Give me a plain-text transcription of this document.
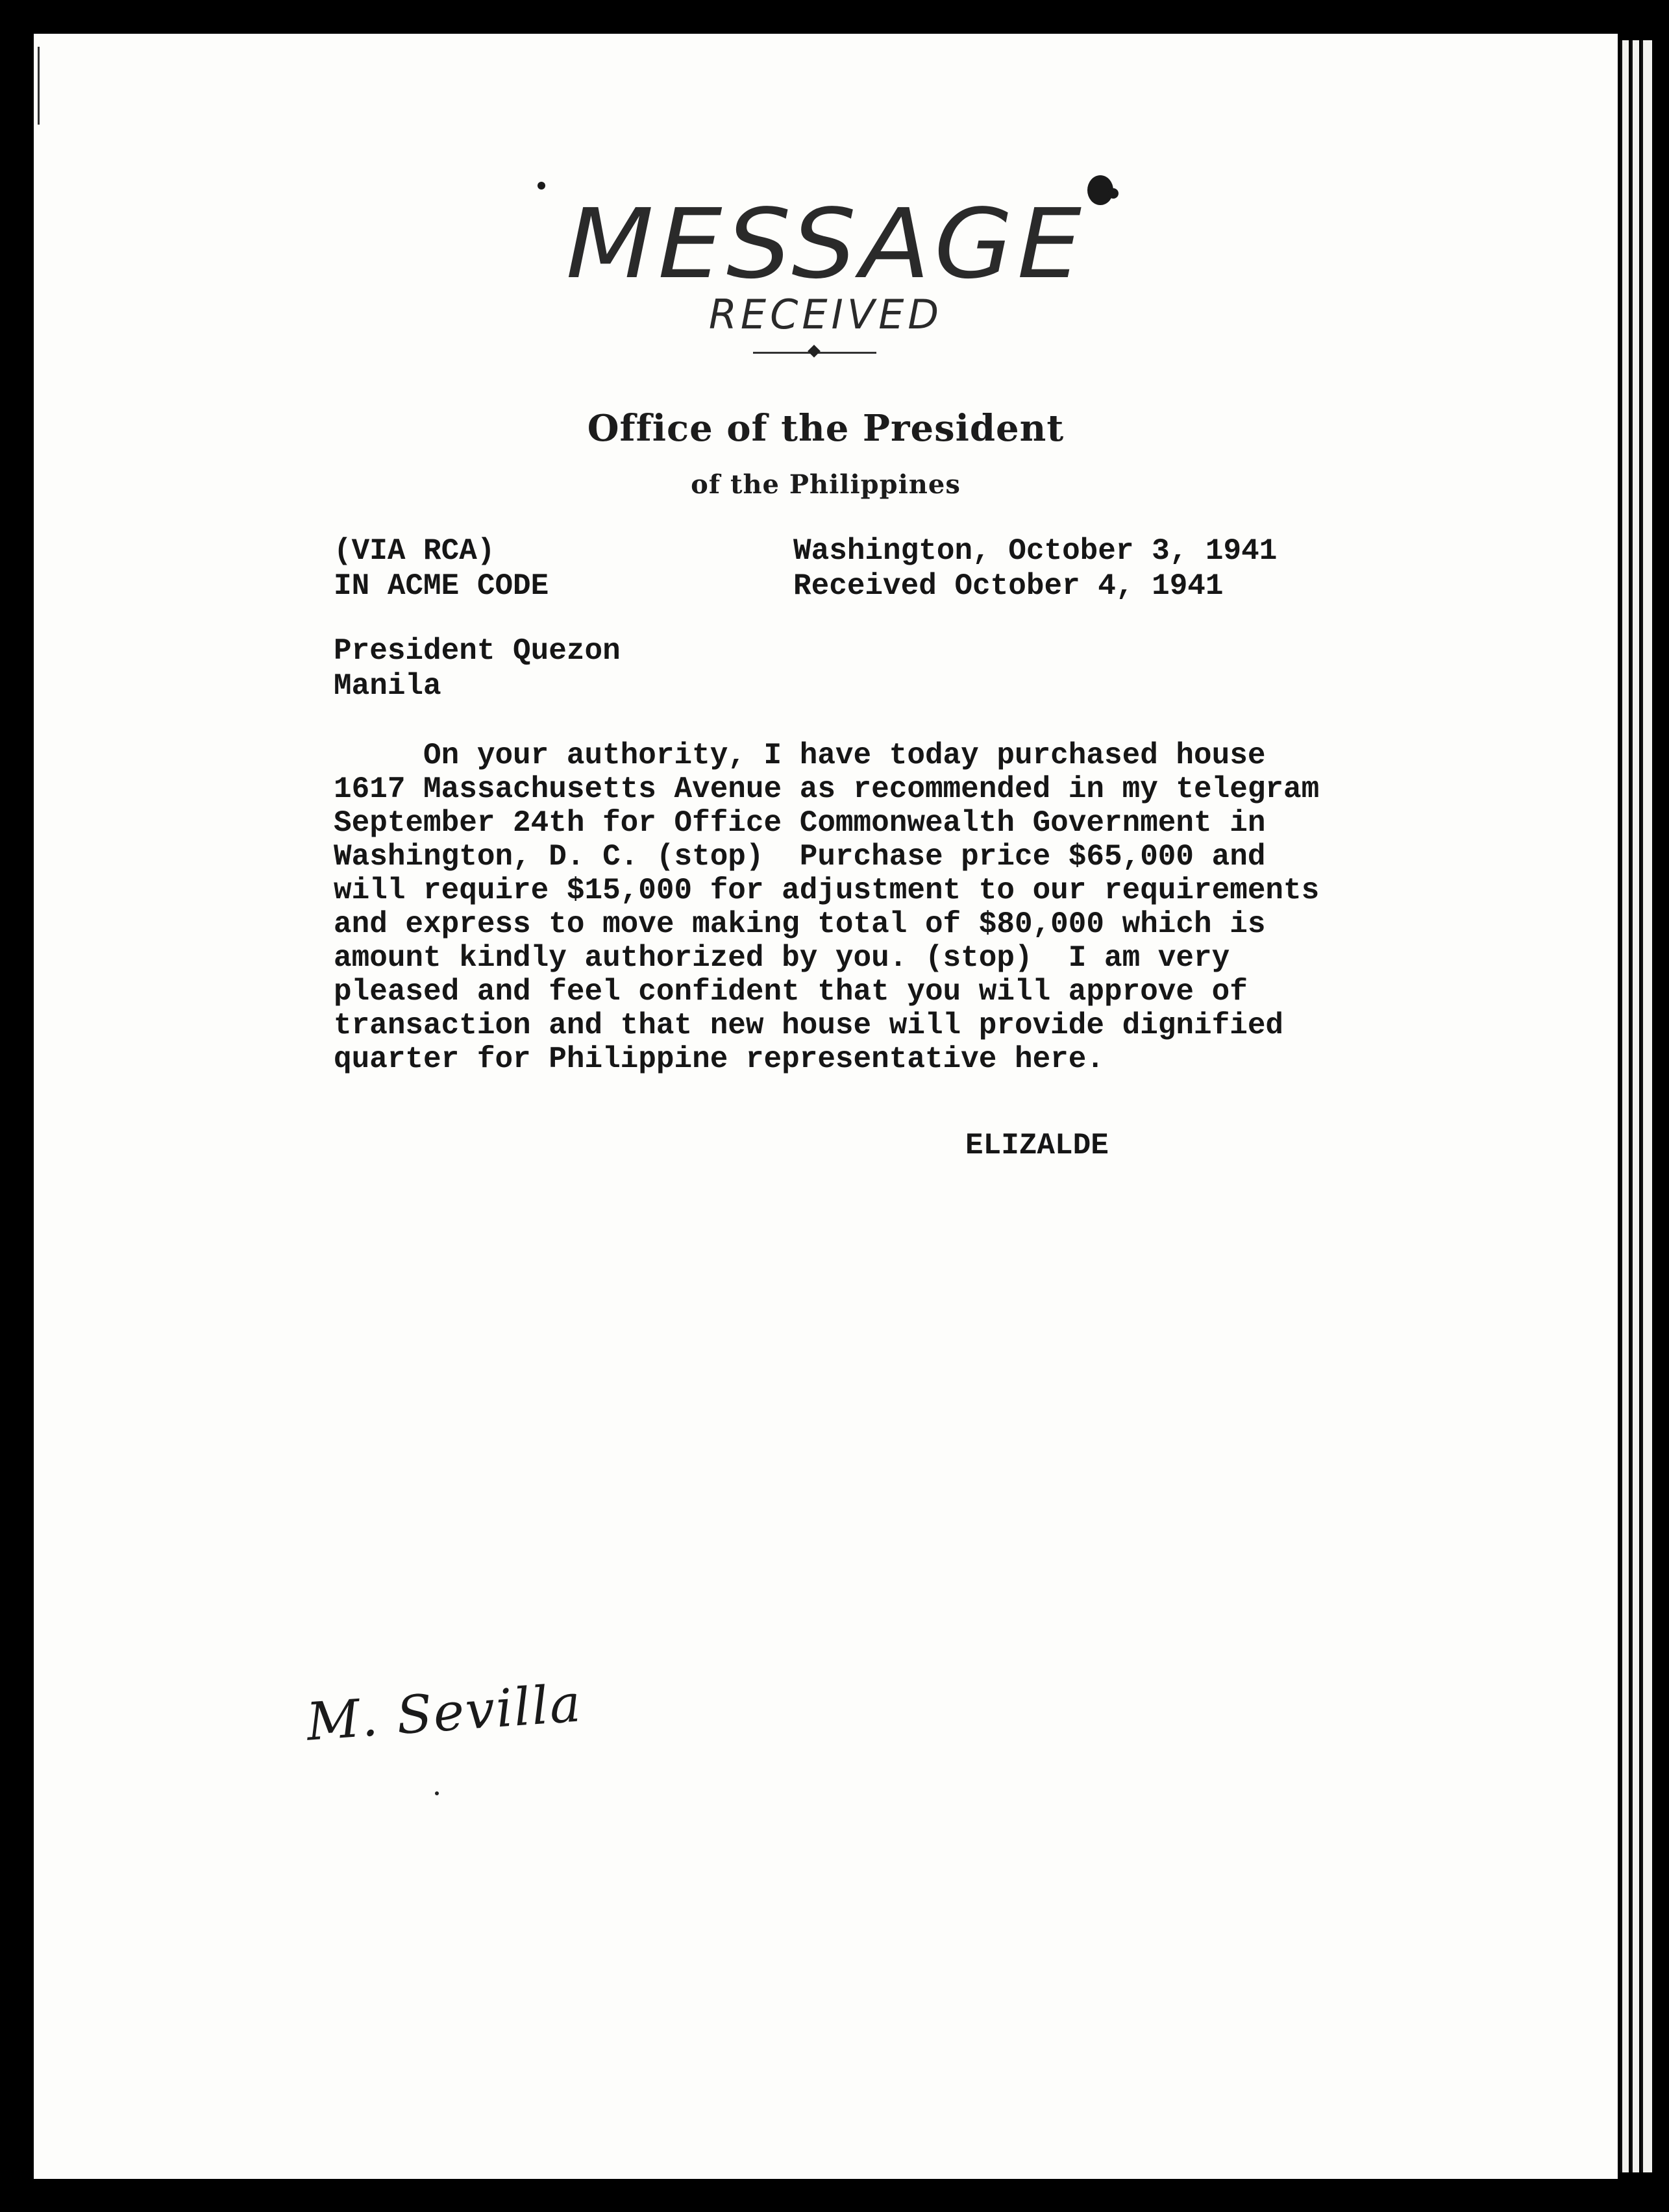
MESSAGE
RECEIVED
Office of the President
of the Philippines
(VIA RCA)
IN ACME CODE
Washington, October 3, 1941
Received October 4, 1941
President Quezon
Manila
On your authority, I have today purchased house
1617 Massachusetts Avenue as recommended in my telegram
September 24th for Office Commonwealth Government in
Washington, D. C. (stop)  Purchase price $65,000 and
will require $15,000 for adjustment to our requirements
and express to move making total of $80,000 which is
amount kindly authorized by you. (stop)  I am very
pleased and feel confident that you will approve of
transaction and that new house will provide dignified
quarter for Philippine representative here.
ELIZALDE
M. Sevilla
